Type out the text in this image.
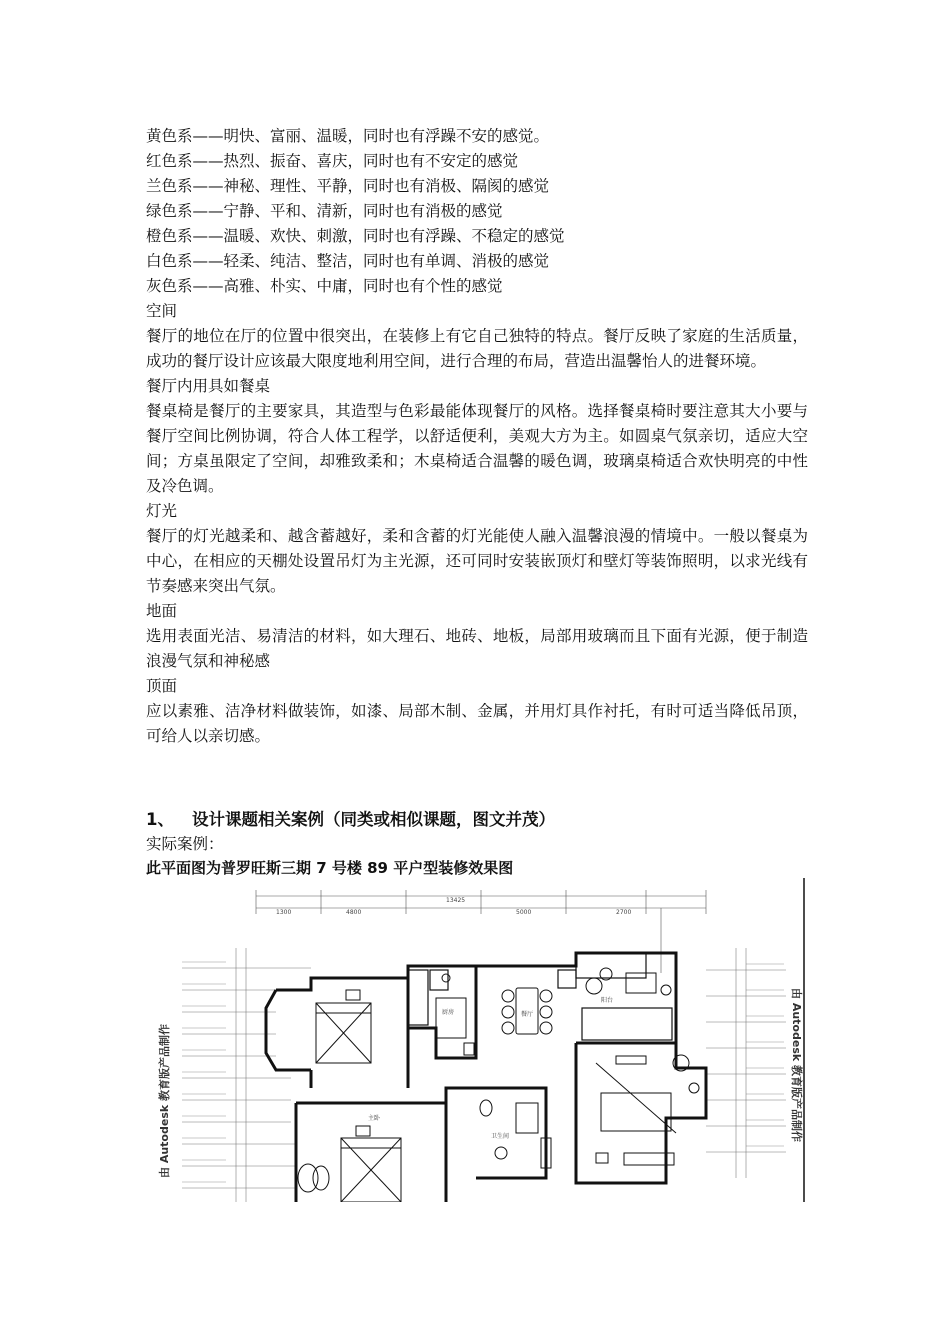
黄色系——明快、富丽、温暖，同时也有浮躁不安的感觉。
红色系——热烈、振奋、喜庆，同时也有不安定的感觉
兰色系——神秘、理性、平静，同时也有消极、隔阂的感觉
绿色系——宁静、平和、清新，同时也有消极的感觉
橙色系——温暖、欢快、刺激，同时也有浮躁、不稳定的感觉
白色系——轻柔、纯洁、整洁，同时也有单调、消极的感觉
灰色系——高雅、朴实、中庸，同时也有个性的感觉
空间
餐厅的地位在厅的位置中很突出，在装修上有它自己独特的特点。餐厅反映了家庭的生活质量，成功的餐厅设计应该最大限度地利用空间，进行合理的布局，营造出温馨怡人的进餐环境。
餐厅内用具如餐桌
餐桌椅是餐厅的主要家具，其造型与色彩最能体现餐厅的风格。选择餐桌椅时要注意其大小要与餐厅空间比例协调，符合人体工程学，以舒适便利，美观大方为主。如圆桌气氛亲切，适应大空间；方桌虽限定了空间，却雅致柔和；木桌椅适合温馨的暖色调，玻璃桌椅适合欢快明亮的中性及冷色调。
灯光
餐厅的灯光越柔和、越含蓄越好，柔和含蓄的灯光能使人融入温馨浪漫的情境中。一般以餐桌为中心，在相应的天棚处设置吊灯为主光源，还可同时安装嵌顶灯和壁灯等装饰照明，以求光线有节奏感来突出气氛。
地面
选用表面光洁、易清洁的材料，如大理石、地砖、地板，局部用玻璃而且下面有光源，便于制造浪漫气氛和神秘感
顶面
应以素雅、洁净材料做装饰，如漆、局部木制、金属，并用灯具作衬托，有时可适当降低吊顶，可给人以亲切感。
1、 设计课题相关案例（同类或相似课题，图文并茂）
实际案例：
此平面图为普罗旺斯三期 7 号楼 89 平户型装修效果图
13425
4800	5000	2700
1300
厨房	餐厅
阳台
卫生间
主卧
由 Autodesk 教育版产品制作	由 Autodesk 教育版产品制作
